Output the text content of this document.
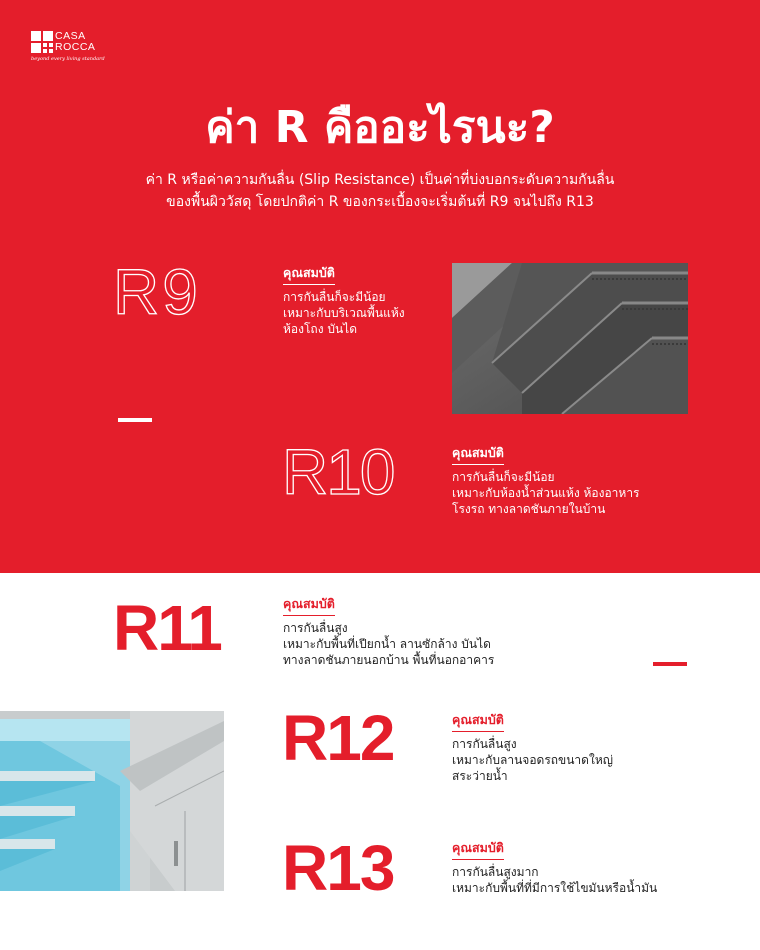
CASA
ROCCA
beyond every living standard
ค่า R คืออะไรนะ?

ค่า R หรือค่าความกันลื่น (Slip Resistance) เป็นค่าที่บ่งบอกระดับความกันลื่น

ของพื้นผิววัสดุ โดยปกติค่า R ของกระเบื้องจะเริ่มต้นที่ R9 จนไปถึง R13

R9	คุณสมบัติ
การกันลื่นก็จะมีน้อย
เหมาะกับบริเวณพื้นแห้ง
ห้องโถง บันได
R10	คุณสมบัติ
การกันลื่นก็จะมีน้อย
เหมาะกับห้องน้ำส่วนแห้ง ห้องอาหาร
โรงรถ ทางลาดชันภายในบ้าน
R11	คุณสมบัติ
การกันลื่นสูง
เหมาะกับพื้นที่เปียกน้ำ ลานซักล้าง บันได
ทางลาดชันภายนอกบ้าน พื้นที่นอกอาคาร
R12	คุณสมบัติ
การกันลื่นสูง
เหมาะกับลานจอดรถขนาดใหญ่
สระว่ายน้ำ
R13	คุณสมบัติ
การกันลื่นสูงมาก
เหมาะกับพื้นที่ที่มีการใช้ไขมันหรือน้ำมัน
